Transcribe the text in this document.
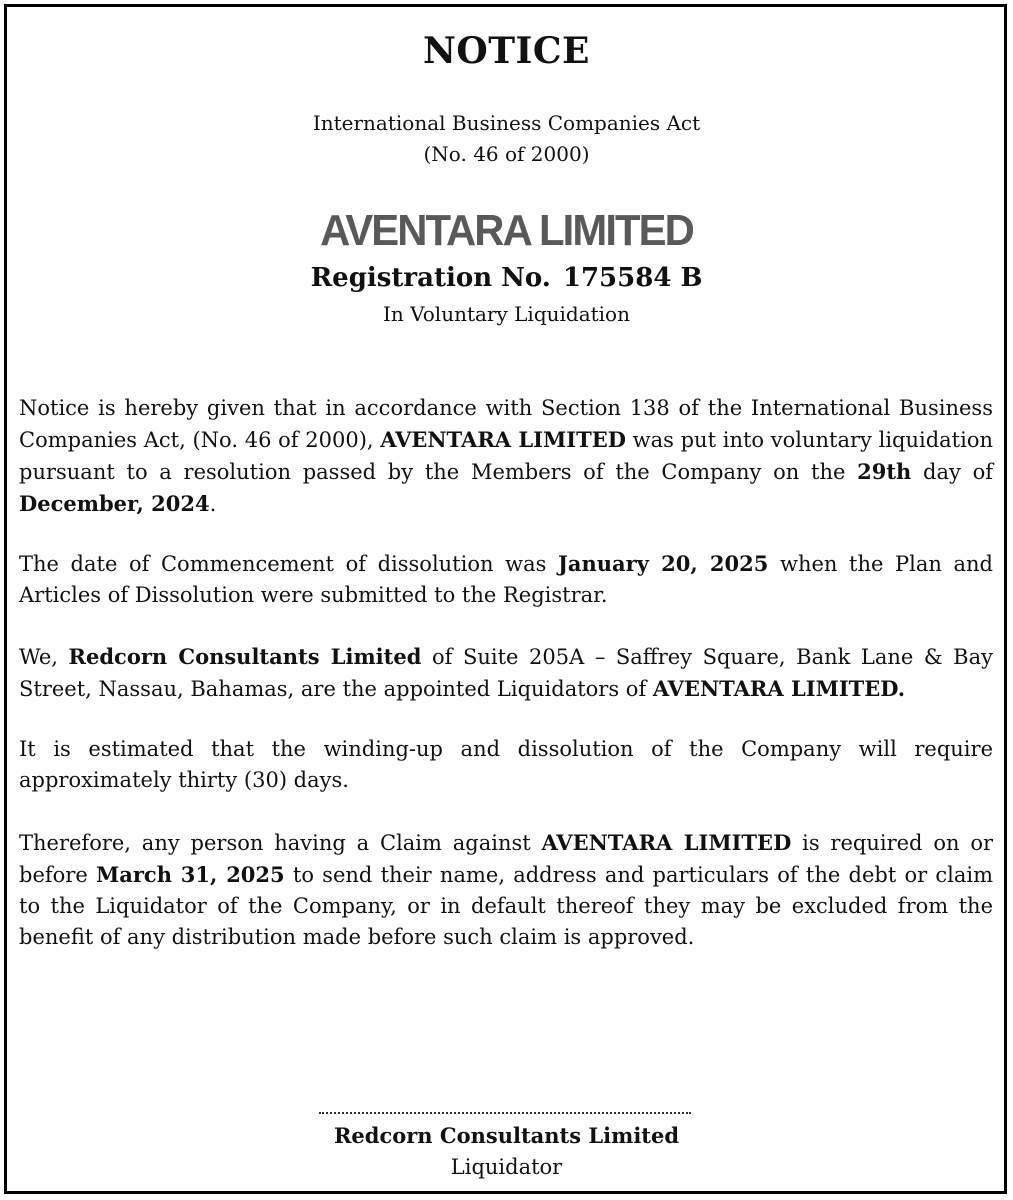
NOTICE
International Business Companies Act
(No. 46 of 2000)
AVENTARA LIMITED
Registration No. 175584 B
In Voluntary Liquidation
Notice is hereby given that in accordance with Section 138 of the International Business Companies Act, (No. 46 of 2000), AVENTARA LIMITED was put into voluntary liquidation pursuant to a resolution passed by the Members of the Company on the 29th day of December, 2024.
The date of Commencement of dissolution was January 20, 2025 when the Plan and Articles of Dissolution were submitted to the Registrar.
We, Redcorn Consultants Limited of Suite 205A – Saffrey Square, Bank Lane & Bay Street, Nassau, Bahamas, are the appointed Liquidators of AVENTARA LIMITED.
It is estimated that the winding-up and dissolution of the Company will require approximately thirty (30) days.
Therefore, any person having a Claim against AVENTARA LIMITED is required on or before March 31, 2025 to send their name, address and particulars of the debt or claim to the Liquidator of the Company, or in default thereof they may be excluded from the benefit of any distribution made before such claim is approved.
Redcorn Consultants Limited
Liquidator
